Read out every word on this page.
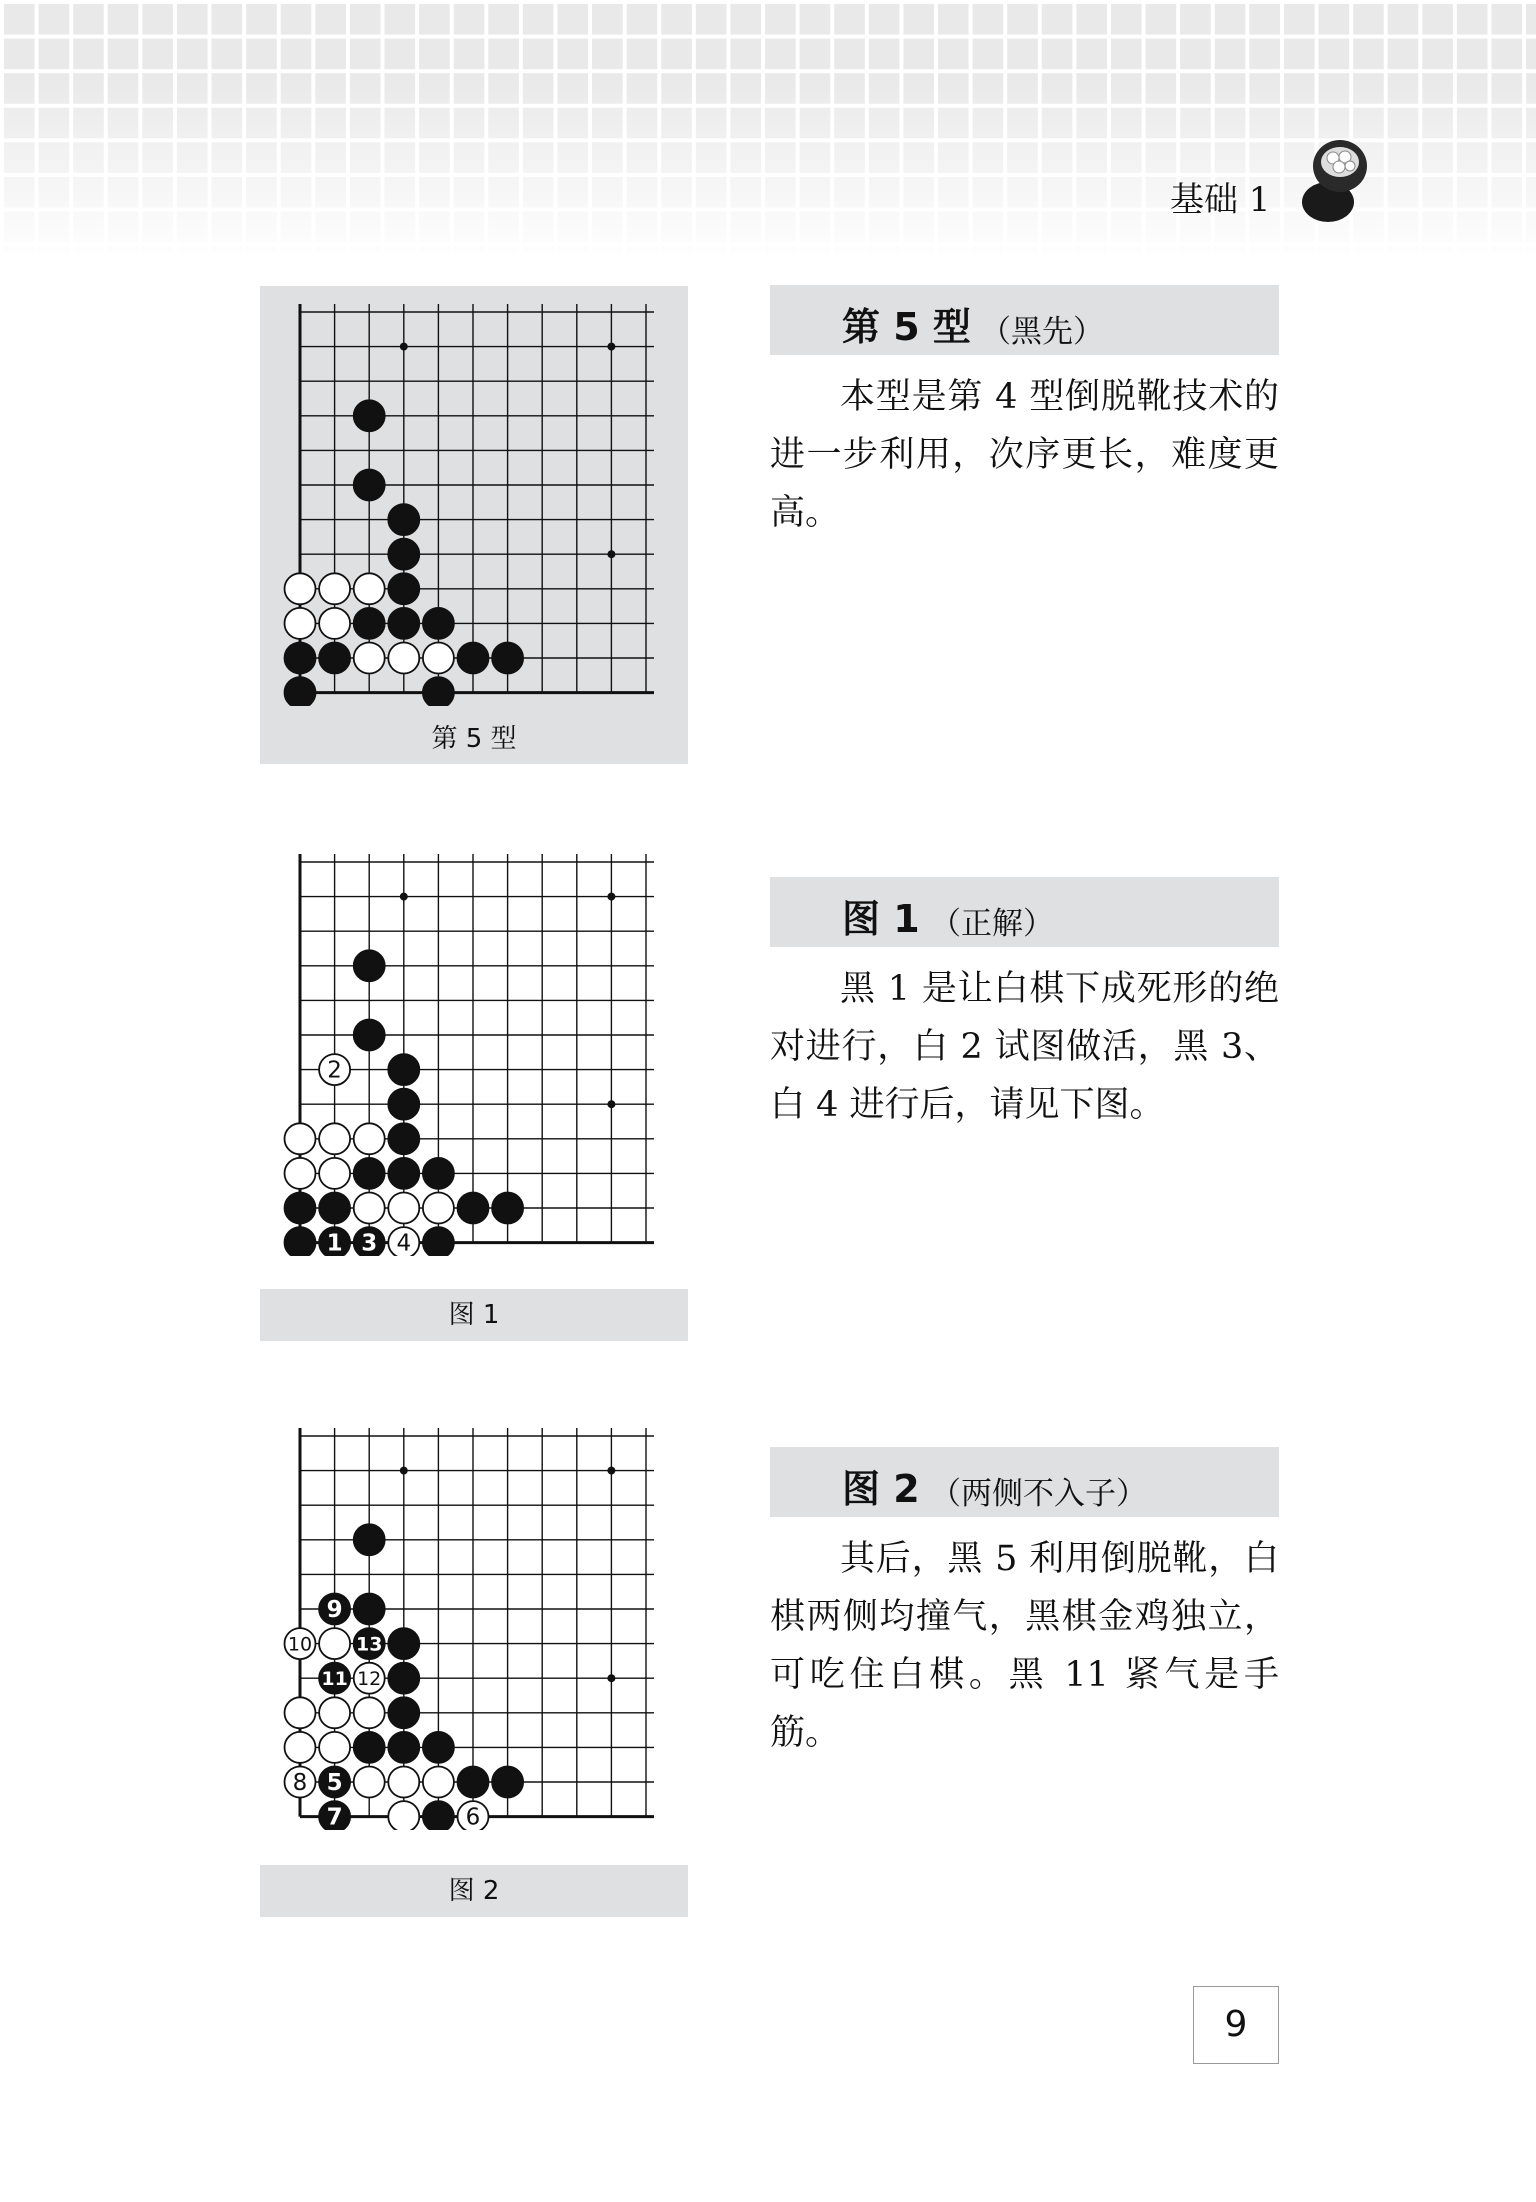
基础 1
第 5 型
第 5 型 （黑先）
本型是第 4 型倒脱靴技术的进一步利用，次序更长，难度更高。
2
1 3 4
图 1
图 1 （正解）
黑 1 是让白棋下成死形的绝对进行，白 2 试图做活，黑 3、白 4 进行后，请见下图。
9
10 13
11 12
8 5
7	6
图 2
图 2 （两侧不入子）
其后，黑 5 利用倒脱靴，白棋两侧均撞气，黑棋金鸡独立，可吃住白棋。黑 11 紧气是手筋。
9
